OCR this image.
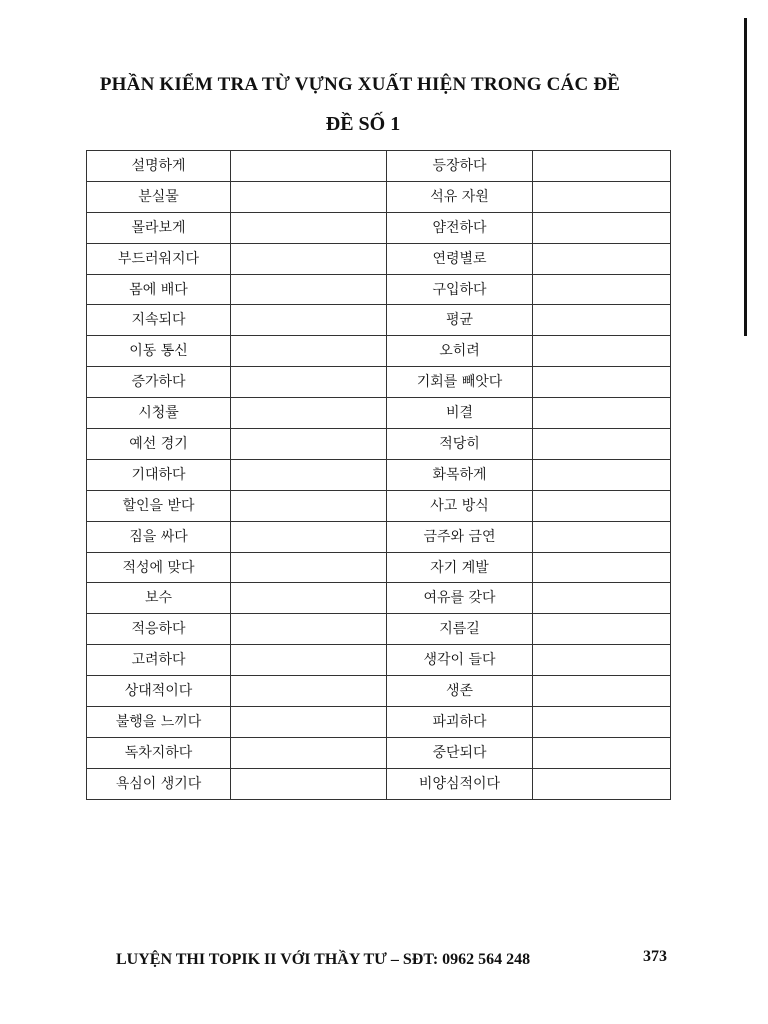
PHẦN KIỂM TRA TỪ VỰNG XUẤT HIỆN TRONG CÁC ĐỀ
ĐỀ SỐ 1
설명하게		등장하다	
분실물		석유 자원	
몰라보게		얌전하다	
부드러워지다		연령별로	
몸에 배다		구입하다	
지속되다		평균	
이동 통신		오히려	
증가하다		기회를 빼앗다	
시청률		비결	
예선 경기		적당히	
기대하다		화목하게	
할인을 받다		사고 방식	
짐을 싸다		금주와 금연	
적성에 맞다		자기 계발	
보수		여유를 갖다	
적응하다		지름길	
고려하다		생각이 들다	
상대적이다		생존	
불행을 느끼다		파괴하다	
독차지하다		중단되다	
욕심이 생기다		비양심적이다	
LUYỆN THI TOPIK II VỚI THẦY TƯ – SĐT: 0962 564 248	373
